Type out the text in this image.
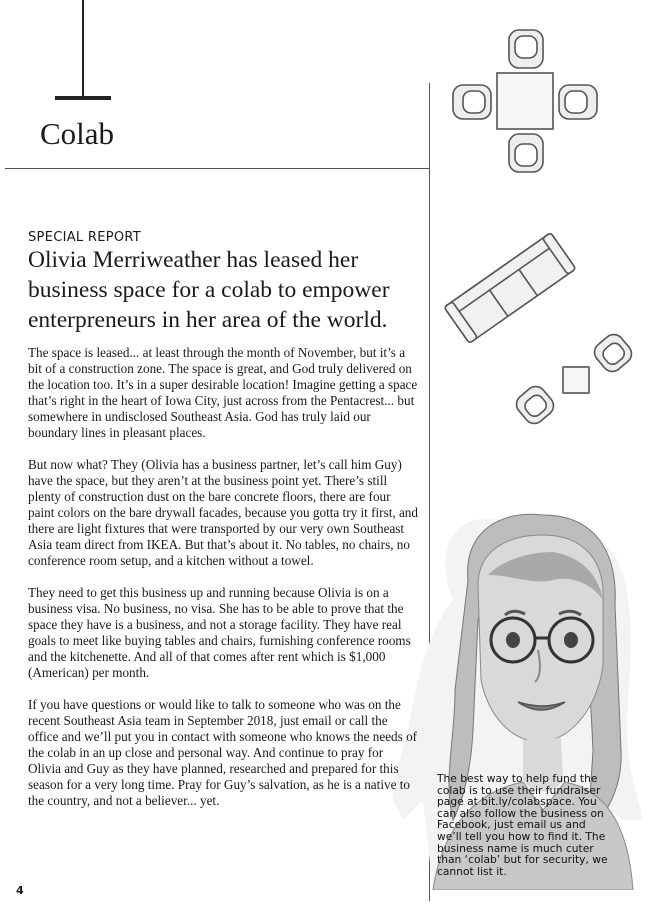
Colab
SPECIAL REPORT
Olivia Merriweather has leased her business space for a colab to empower enterpreneurs in her area of the world.

The space is leased... at least through the month of November, but it’s a bit of a construction zone. The space is great, and God truly delivered on the location too. It’s in a super desirable location! Imagine getting a space that’s right in the heart of Iowa City, just across from the Pentacrest... but somewhere in undisclosed Southeast Asia. God has truly laid our boundary lines in pleasant places.

But now what? They (Olivia has a business partner, let’s call him Guy) have the space, but they aren’t at the business point yet. There’s still plenty of construction dust on the bare concrete floors, there are four paint colors on the bare drywall facades, because you gotta try it first, and there are light fixtures that were transported by our very own Southeast Asia team direct from IKEA. But that’s about it. No tables, no chairs, no conference room setup, and a kitchen without a towel.

They need to get this business up and running because Olivia is on a business visa. No business, no visa. She has to be able to prove that the space they have is a business, and not a storage facility. They have real goals to meet like buying tables and chairs, furnishing conference rooms and the kitchenette. And all of that comes after rent which is $1,000 (American) per month.

If you have questions or would like to talk to someone who was on the recent Southeast Asia team in September 2018, just email or call the office and we’ll put you in contact with someone who knows the needs of the colab in an up close and personal way. And continue to pray for Olivia and Guy as they have planned, researched and prepared for this season for a very long time. Pray for Guy’s salvation, as he is a native to the country, and not a believer... yet.

The best way to help fund the colab is to use their fundraiser page at bit.ly/colabspace. You can also follow the business on Facebook, just email us and we’ll tell you how to find it. The business name is much cuter than ‘colab’ but for security, we cannot list it.
4
